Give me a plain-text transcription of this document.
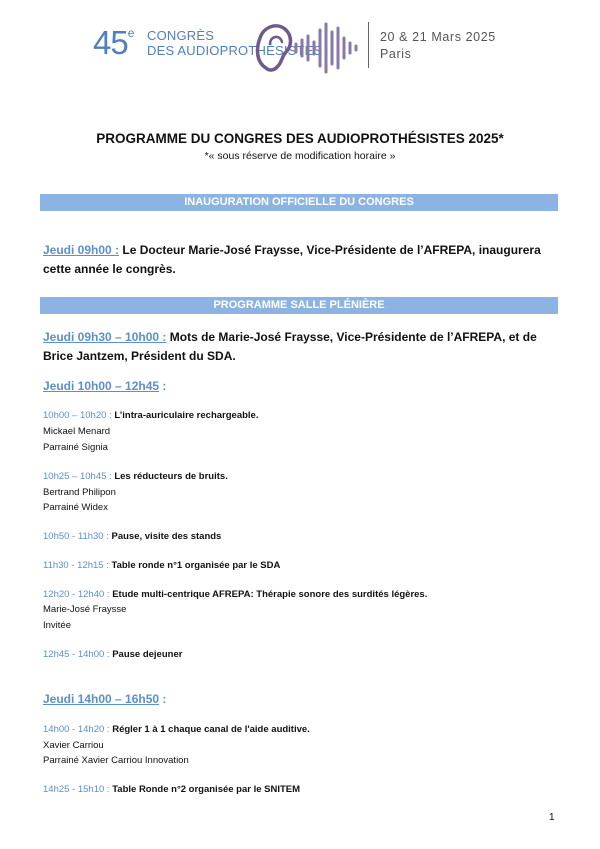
45e CONGRÈS
DES AUDIOPROTHÉSISTES
20 & 21 Mars 2025
Paris
PROGRAMME DU CONGRES DES AUDIOPROTHÉSISTES 2025*
*« sous réserve de modification horaire »
INAUGURATION OFFICIELLE DU CONGRES
Jeudi 09h00 : Le Docteur Marie-José Fraysse, Vice-Présidente de l’AFREPA, inaugurera cette année le congrès.
PROGRAMME SALLE PLÉNIÈRE
Jeudi 09h30 – 10h00 : Mots de Marie-José Fraysse, Vice-Présidente de l’AFREPA, et de Brice Jantzem, Président du SDA.
Jeudi 10h00 – 12h45 :
10h00 – 10h20 : L’intra-auriculaire rechargeable.
Mickael Menard
Parrainé Signia
10h25 – 10h45 : Les réducteurs de bruits.
Bertrand Philipon
Parrainé Widex
10h50 - 11h30 : Pause, visite des stands
11h30 - 12h15 : Table ronde n°1 organisée par le SDA
12h20 - 12h40 : Etude multi-centrique AFREPA: Thérapie sonore des surdités légères.
Marie-José Fraysse
Invitée
12h45 - 14h00 : Pause dejeuner
Jeudi 14h00 – 16h50 :
14h00 - 14h20 : Régler 1 à 1 chaque canal de l'aide auditive.
Xavier Carriou
Parrainé Xavier Carriou Innovation
14h25 - 15h10 : Table Ronde n°2 organisée par le SNITEM
1
